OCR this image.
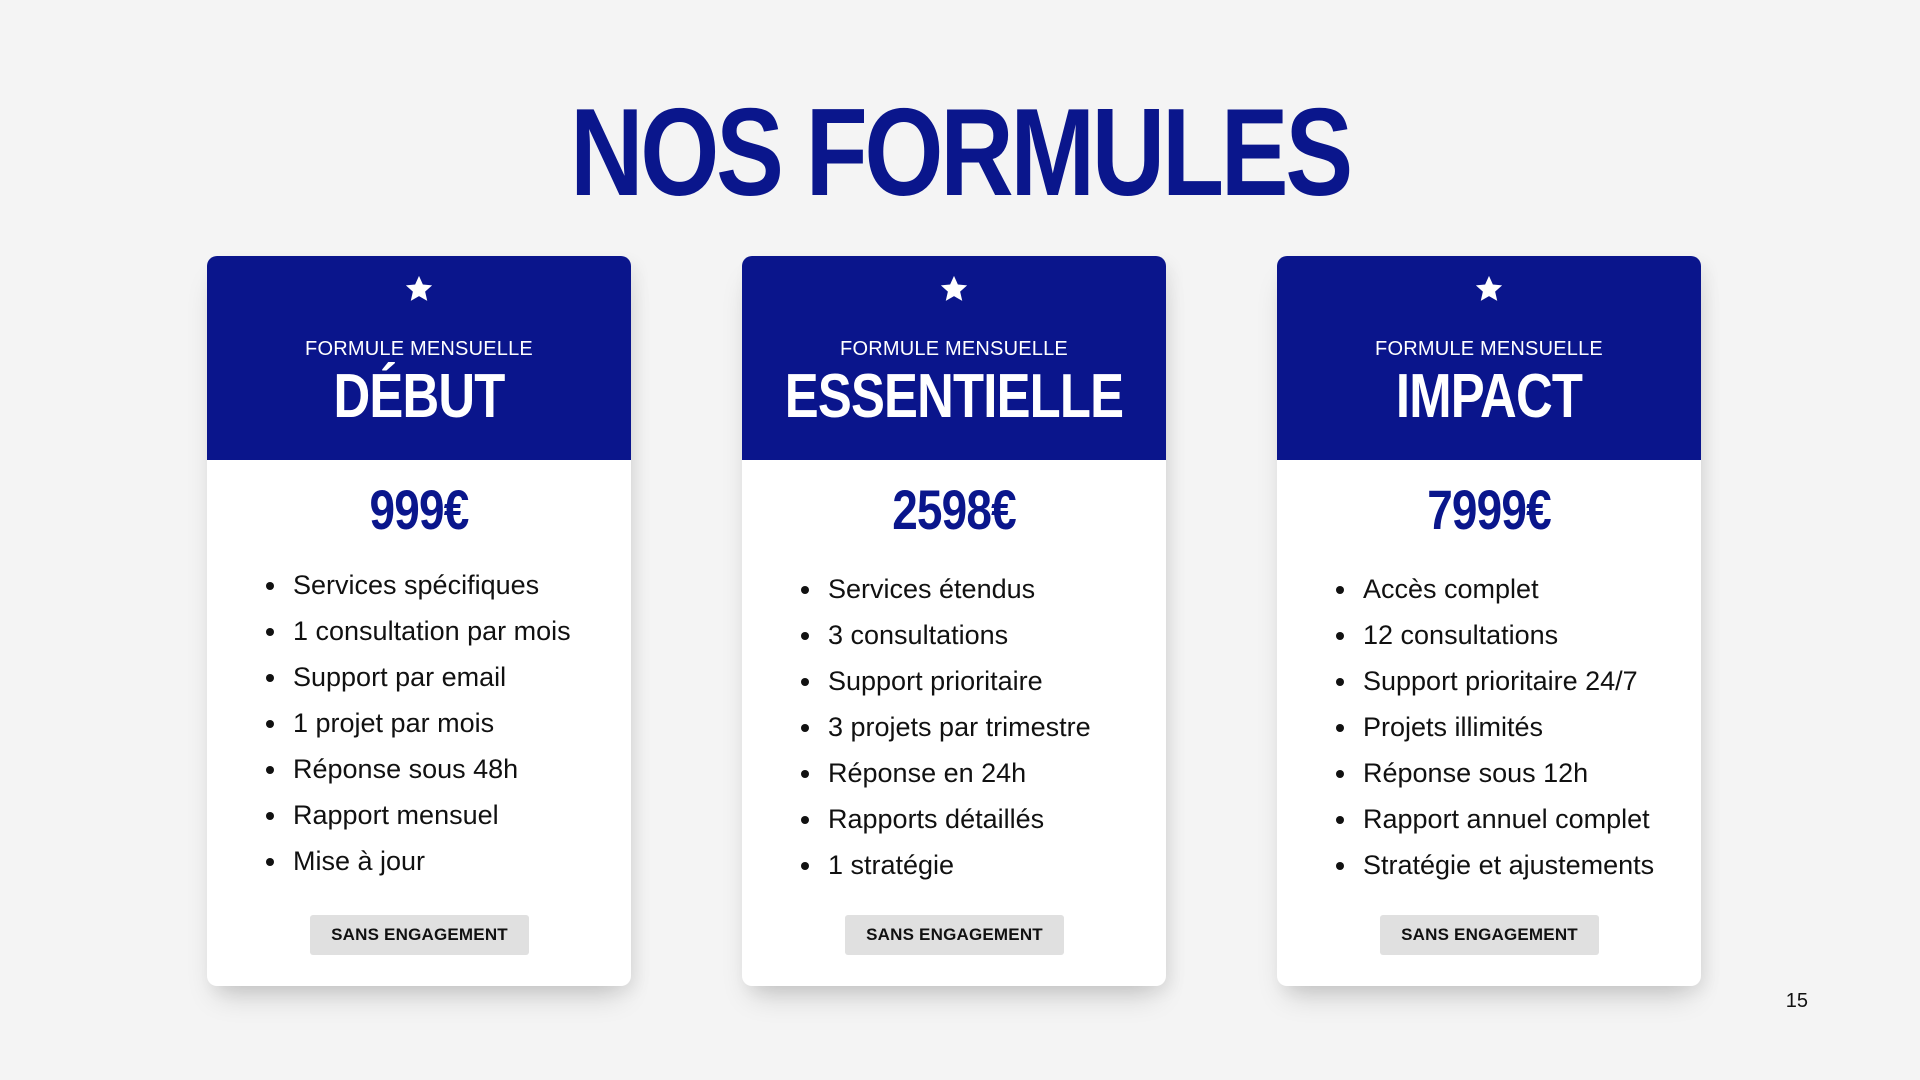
NOS FORMULES
FORMULE MENSUELLE
DÉBUT
999€
• Services spécifiques
• 1 consultation par mois
• Support par email
• 1 projet par mois
• Réponse sous 48h
• Rapport mensuel
• Mise à jour
SANS ENGAGEMENT
FORMULE MENSUELLE
ESSENTIELLE
2598€
• Services étendus
• 3 consultations
• Support prioritaire
• 3 projets par trimestre
• Réponse en 24h
• Rapports détaillés
• 1 stratégie
SANS ENGAGEMENT
FORMULE MENSUELLE
IMPACT
7999€
• Accès complet
• 12 consultations
• Support prioritaire 24/7
• Projets illimités
• Réponse sous 12h
• Rapport annuel complet
• Stratégie et ajustements
SANS ENGAGEMENT
15
